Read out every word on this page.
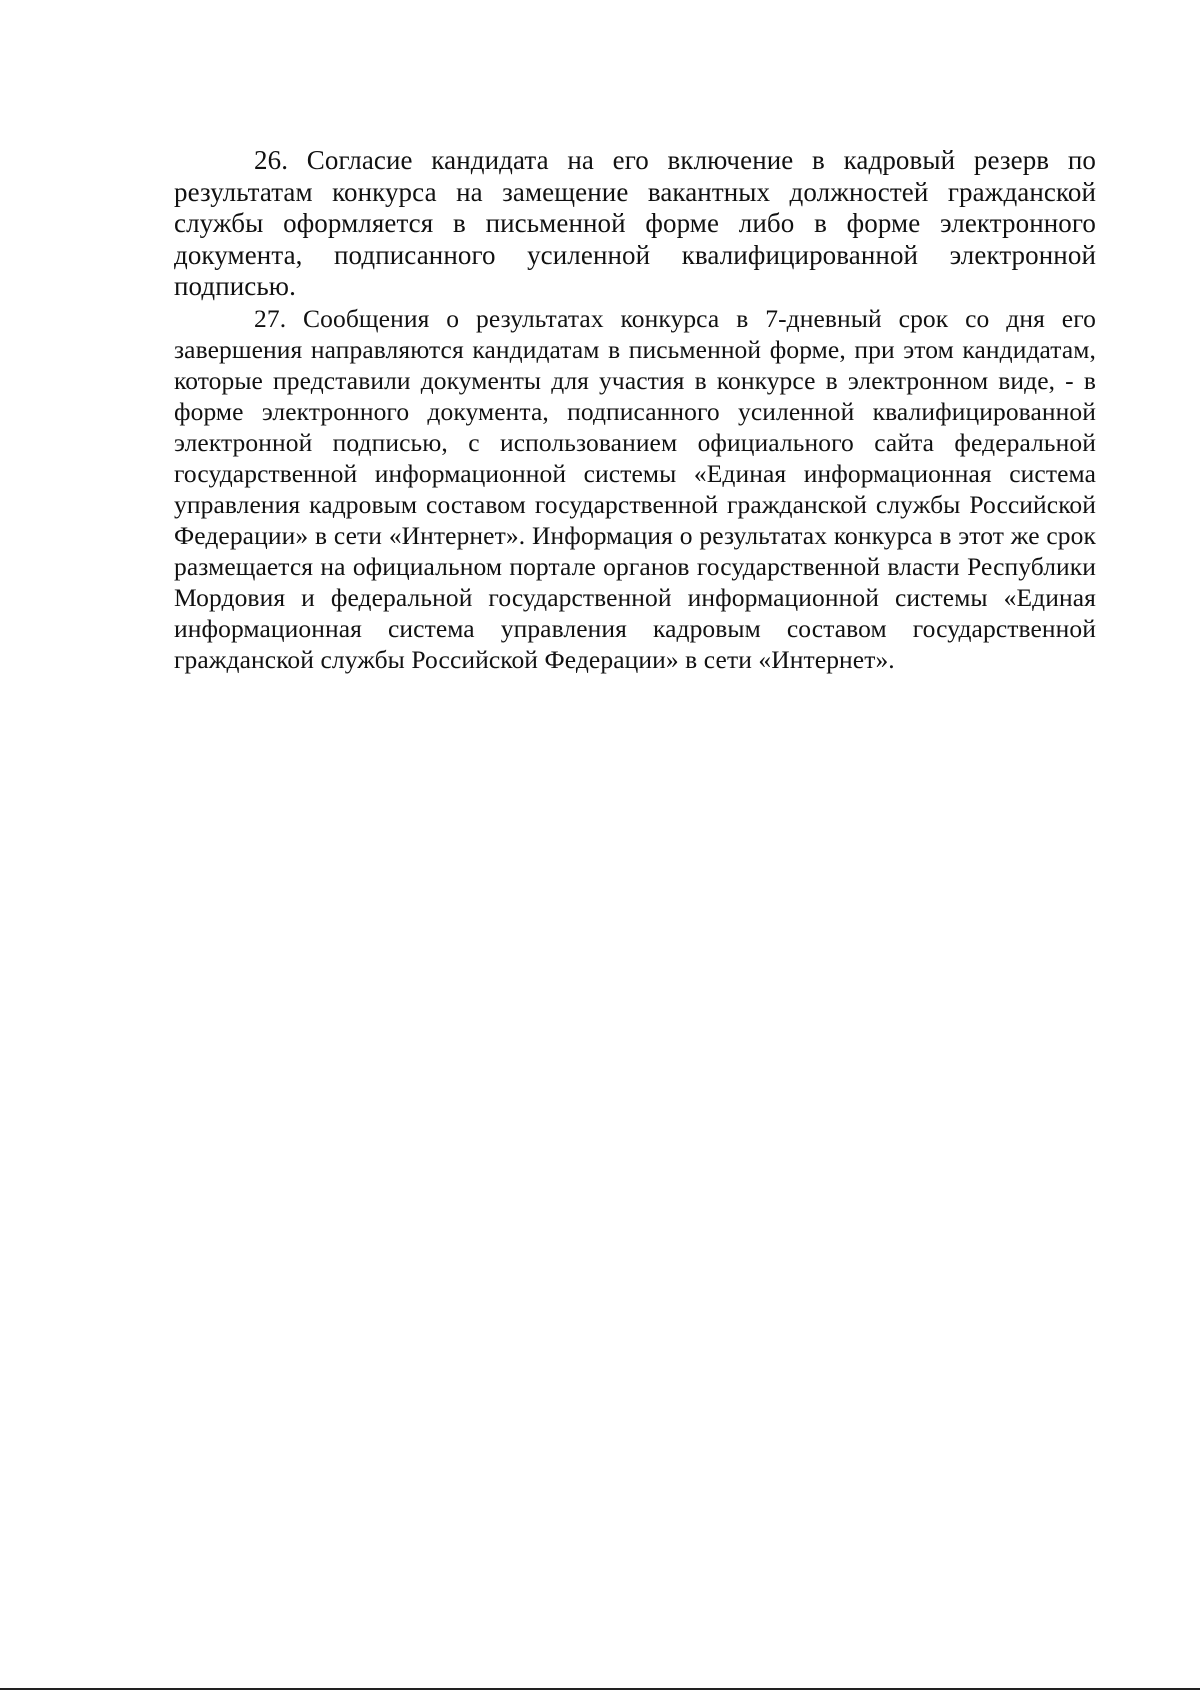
26. Согласие кандидата на его включение в кадровый резерв по результатам конкурса на замещение вакантных должностей гражданской службы оформляется в письменной форме либо в форме электронного документа, подписанного усиленной квалифицированной электронной подписью.

27. Сообщения о результатах конкурса в 7-дневный срок со дня его завершения направляются кандидатам в письменной форме, при этом кандидатам, которые представили документы для участия в конкурсе в электронном виде, - в форме электронного документа, подписанного усиленной квалифицированной электронной подписью, с использованием официального сайта федеральной государственной информационной системы «Единая информационная система управления кадровым составом государственной гражданской службы Российской Федерации» в сети «Интернет». Информация о результатах конкурса в этот же срок размещается на официальном портале органов государственной власти Республики Мордовия и федеральной государственной информационной системы «Единая информационная система управления кадровым составом государственной гражданской службы Российской Федерации» в сети «Интернет».
